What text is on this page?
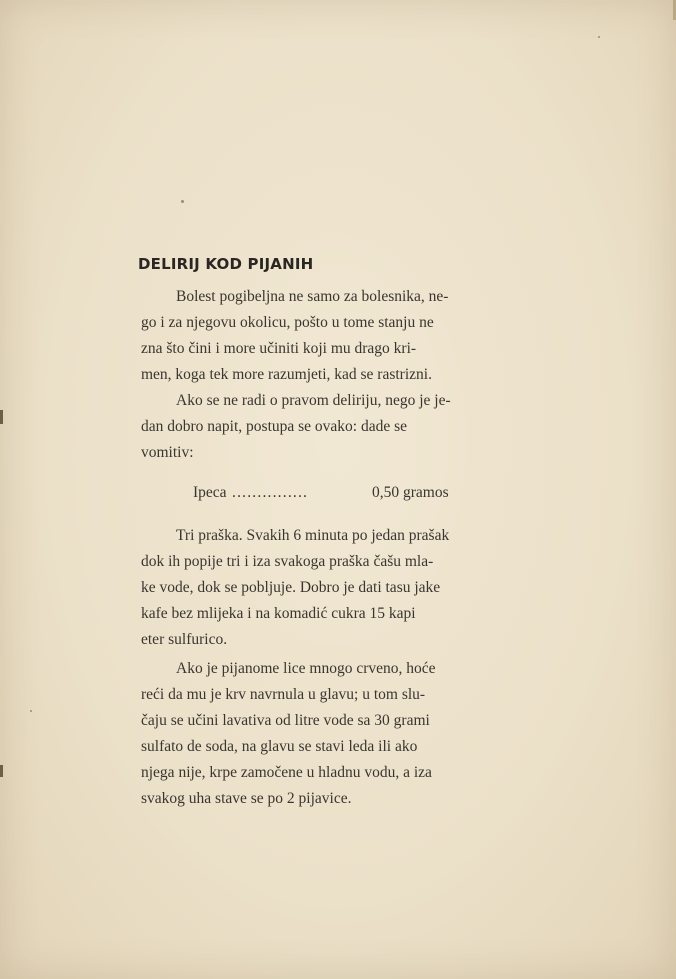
DELIRIJ KOD PIJANIH
Bolest pogibeljna ne samo za bolesnika, ne-
go i za njegovu okolicu, pošto u tome stanju ne
zna što čini i more učiniti koji mu drago kri-
men, koga tek more razumjeti, kad se rastrizni.
Ako se ne radi o pravom deliriju, nego je je-
dan dobro napit, postupa se ovako: dade se
vomitiv:
Ipeca ...............	0,50 gramos
Tri praška. Svakih 6 minuta po jedan prašak
dok ih popije tri i iza svakoga praška čašu mla-
ke vode, dok se pobljuje. Dobro je dati tasu jake
kafe bez mlijeka i na komadić cukra 15 kapi
eter sulfurico.
Ako je pijanome lice mnogo crveno, hoće
reći da mu je krv navrnula u glavu; u tom slu-
čaju se učini lavativa od litre vode sa 30 grami
sulfato de soda, na glavu se stavi leda ili ako
njega nije, krpe zamočene u hladnu vodu, a iza
svakog uha stave se po 2 pijavice.
